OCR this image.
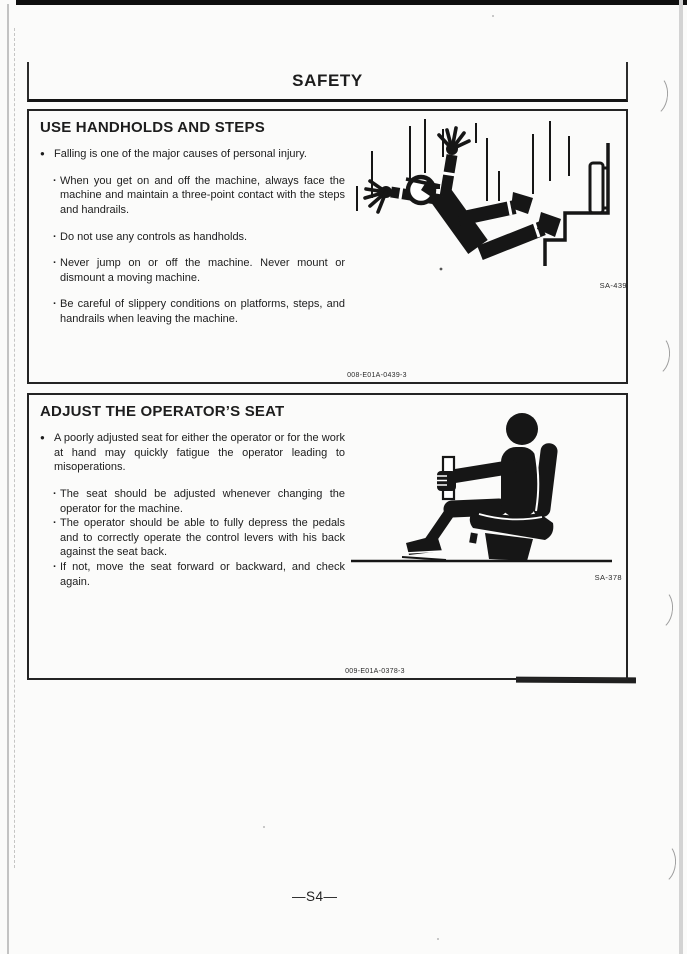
SAFETY
USE HANDHOLDS AND STEPS
● Falling is one of the major causes of personal injury.
· When you get on and off the machine, always face the machine and maintain a three-point contact with the steps and handrails.
· Do not use any controls as handholds.
· Never jump on or off the machine. Never mount or dismount a moving machine.
· Be careful of slippery conditions on platforms, steps, and handrails when leaving the machine.
SA-439
008-E01A-0439-3
ADJUST THE OPERATOR’S SEAT
● A poorly adjusted seat for either the operator or for the work at hand may quickly fatigue the operator leading to misoperations.
· The seat should be adjusted whenever changing the operator for the machine.
· The operator should be able to fully depress the pedals and to correctly operate the control levers with his back against the seat back.
· If not, move the seat forward or backward, and check again.	SA-378
009-E01A-0378-3
—S4—
